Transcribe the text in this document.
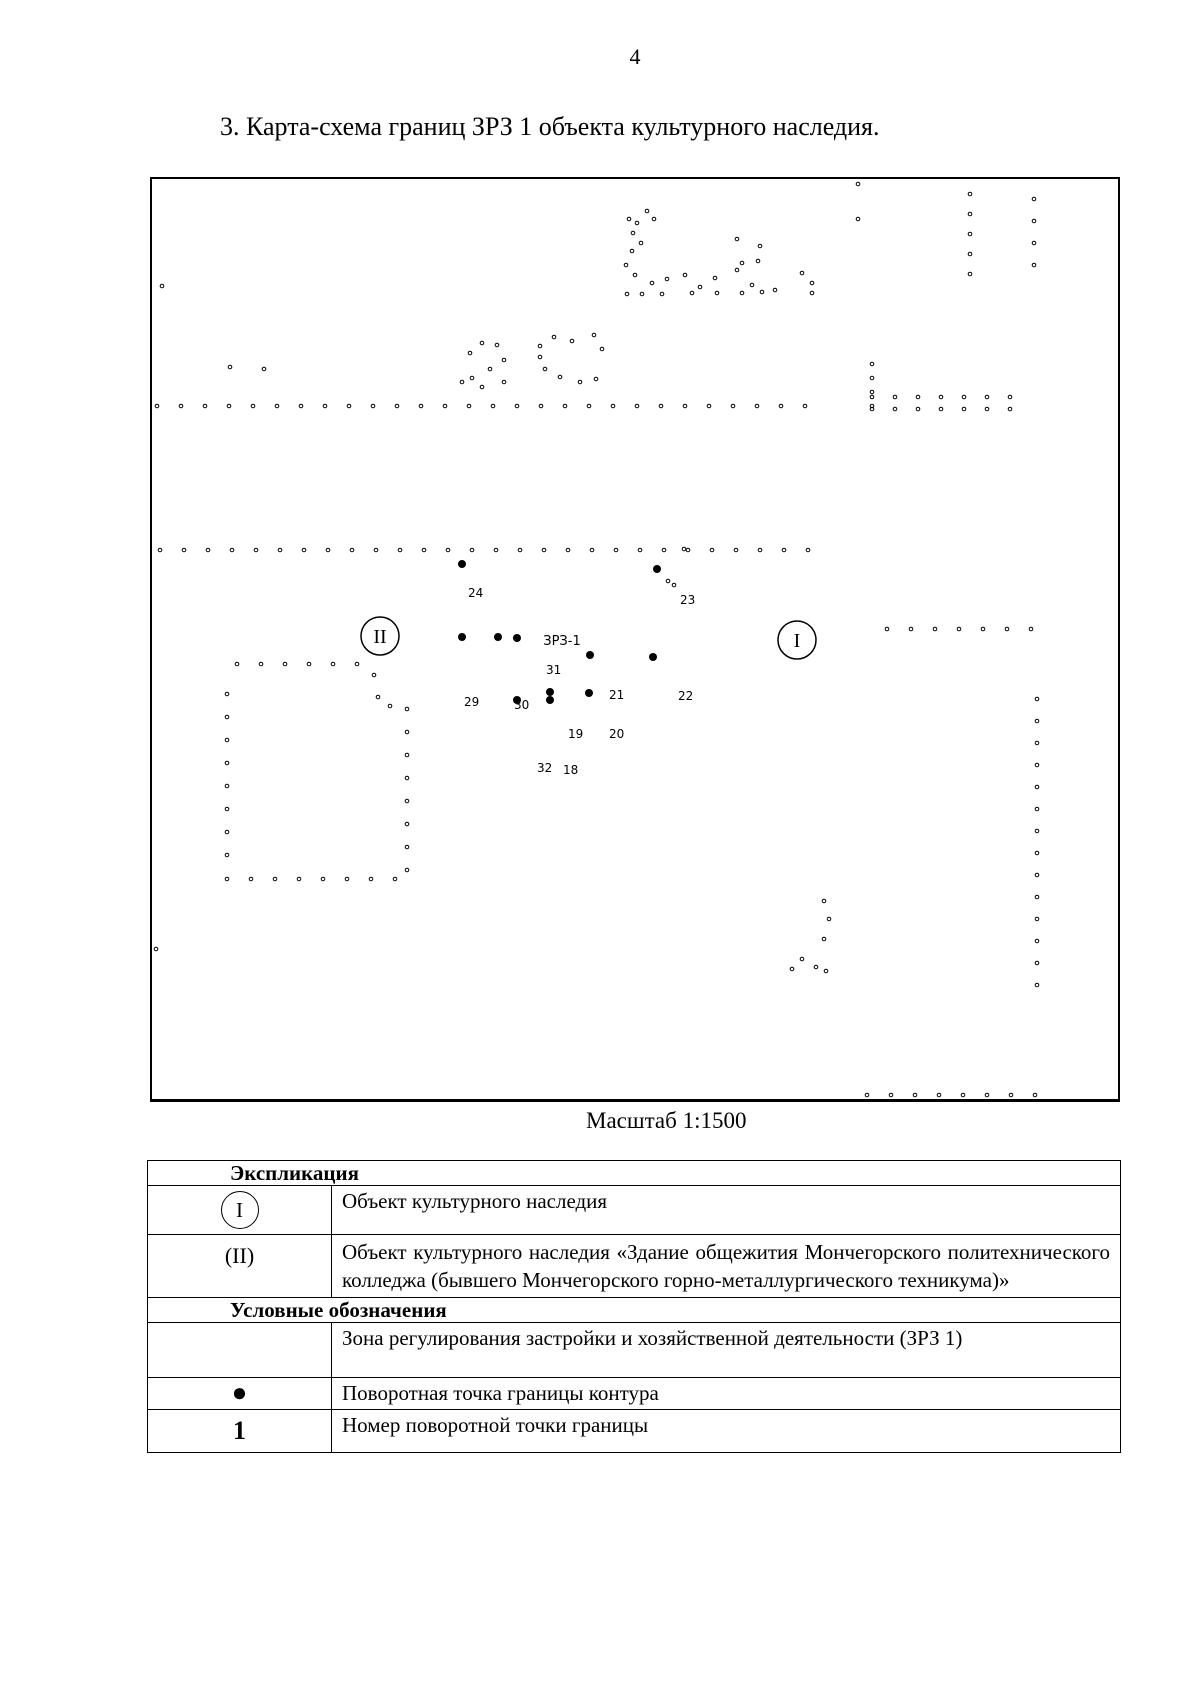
4
3. Карта-схема границ ЗРЗ 1 объекта культурного наследия.
I
II	ЗРЗ-1
24	23
31
29	30
21	22
19 20
32 18
Масштаб 1:1500
Экспликация	
I	Объект культурного наследия
(II)	Объект культурного наследия «Здание общежития Мончегорского политехнического колледжа (бывшего Мончегорского горно-металлургического техникума)»
Условные обозначения	
	Зона регулирования застройки и хозяйственной деятельности (ЗРЗ 1)
●	Поворотная точка границы контура
1	Номер поворотной точки границы
